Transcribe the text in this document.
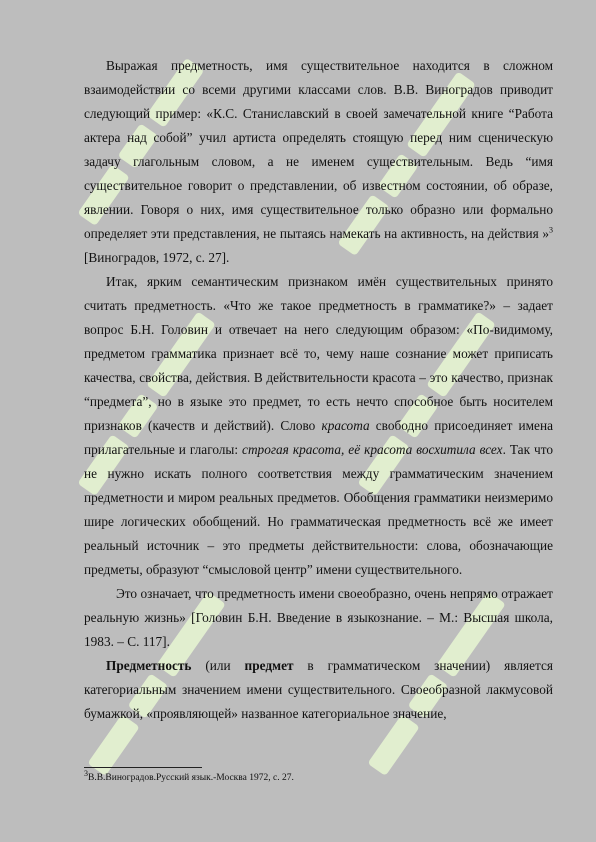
Выражая предметность, имя существительное находится в сложном взаимодействии со всеми другими классами слов. В.В. Виноградов приводит следующий пример: «К.С. Станиславский в своей замечательной книге “Работа актера над собой” учил артиста определять стоящую перед ним сценическую задачу глагольным словом, а не именем существительным. Ведь “имя существительное говорит о представлении, об известном состоянии, об образе, явлении. Говоря о них, имя существительное только образно или формально определяет эти представления, не пытаясь намекать на активность, на действия »$^3$ [Виноградов, 1972, с. 27].

Итак, ярким семантическим признаком имён существительных принято считать предметность. «Что же такое предметность в грамматике?» – задает вопрос Б.Н. Головин и отвечает на него следующим образом: «По-видимому, предметом грамматика признает всё то, чему наше сознание может приписать качества, свойства, действия. В действительности красота – это качество, признак “предмета”, но в языке это предмет, то есть нечто способное быть носителем признаков (качеств и действий). Слово красота свободно присоединяет имена прилагательные и глаголы: строгая красота, её красота восхитила всех. Так что не нужно искать полного соответствия между грамматическим значением предметности и миром реальных предметов. Обобщения грамматики неизмеримо шире логических обобщений. Но грамматическая предметность всё же имеет реальный источник – это предметы действительности: слова, обозначающие предметы, образуют “смысловой центр” имени существительного.

Это означает, что предметность имени своеобразно, очень непрямо отражает реальную жизнь» [Головин Б.Н. Введение в языкознание. – М.: Высшая школа, 1983. – С. 117].

Предметность (или предмет в грамматическом значении) является категориальным значением имени существительного. Своеобразной лакмусовой бумажкой, «проявляющей» названное категориальное значение,

$^3$В.В.Виноградов.Русский язык.-Москва 1972, с. 27.
